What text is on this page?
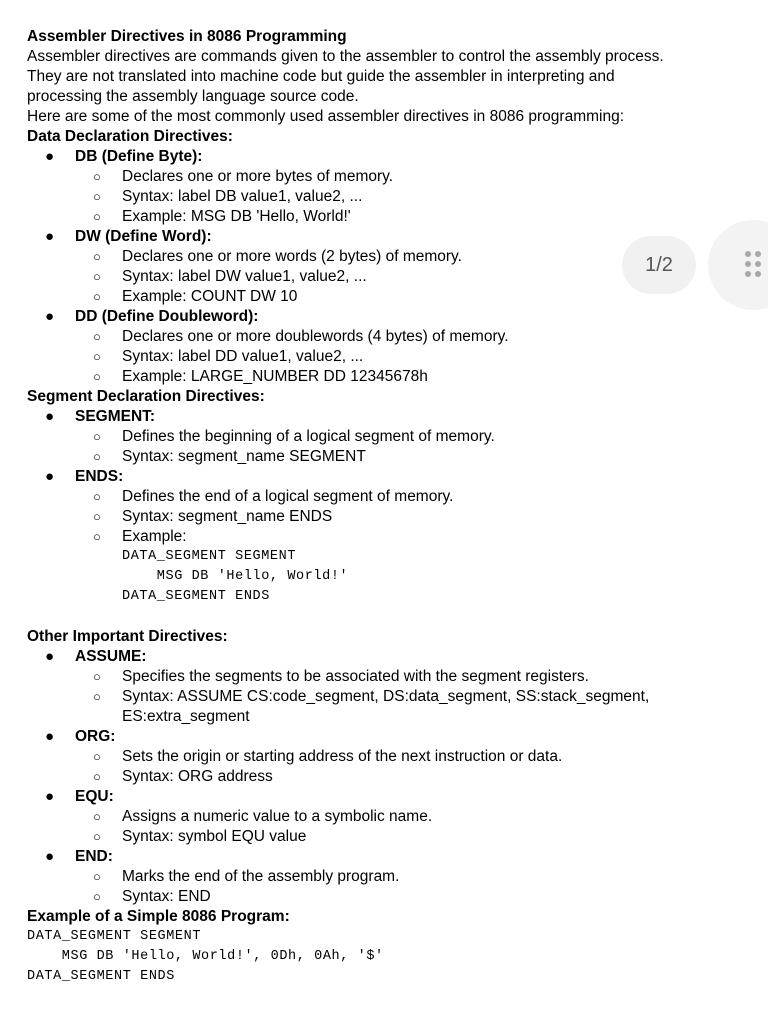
Assembler Directives in 8086 Programming
Assembler directives are commands given to the assembler to control the assembly process.
They are not translated into machine code but guide the assembler in interpreting and
processing the assembly language source code.
Here are some of the most commonly used assembler directives in 8086 programming:
Data Declaration Directives:
● DB (Define Byte):
○ Declares one or more bytes of memory.
○ Syntax: label DB value1, value2, ...
○ Example: MSG DB 'Hello, World!'
● DW (Define Word):
○ Declares one or more words (2 bytes) of memory.
○ Syntax: label DW value1, value2, ...
○ Example: COUNT DW 10
● DD (Define Doubleword):
○ Declares one or more doublewords (4 bytes) of memory.
○ Syntax: label DD value1, value2, ...
○ Example: LARGE_NUMBER DD 12345678h
Segment Declaration Directives:
● SEGMENT:
○ Defines the beginning of a logical segment of memory.
○ Syntax: segment_name SEGMENT
● ENDS:
○ Defines the end of a logical segment of memory.
○ Syntax: segment_name ENDS
○ Example:
DATA_SEGMENT SEGMENT
MSG DB 'Hello, World!'
DATA_SEGMENT ENDS
Other Important Directives:
● ASSUME:
○ Specifies the segments to be associated with the segment registers.
○ Syntax: ASSUME CS:code_segment, DS:data_segment, SS:stack_segment,
ES:extra_segment
● ORG:
○ Sets the origin or starting address of the next instruction or data.
○ Syntax: ORG address
● EQU:
○ Assigns a numeric value to a symbolic name.
○ Syntax: symbol EQU value
● END:
○ Marks the end of the assembly program.
○ Syntax: END
Example of a Simple 8086 Program:
DATA_SEGMENT SEGMENT
MSG DB 'Hello, World!', 0Dh, 0Ah, '$'
DATA_SEGMENT ENDS
1/2
